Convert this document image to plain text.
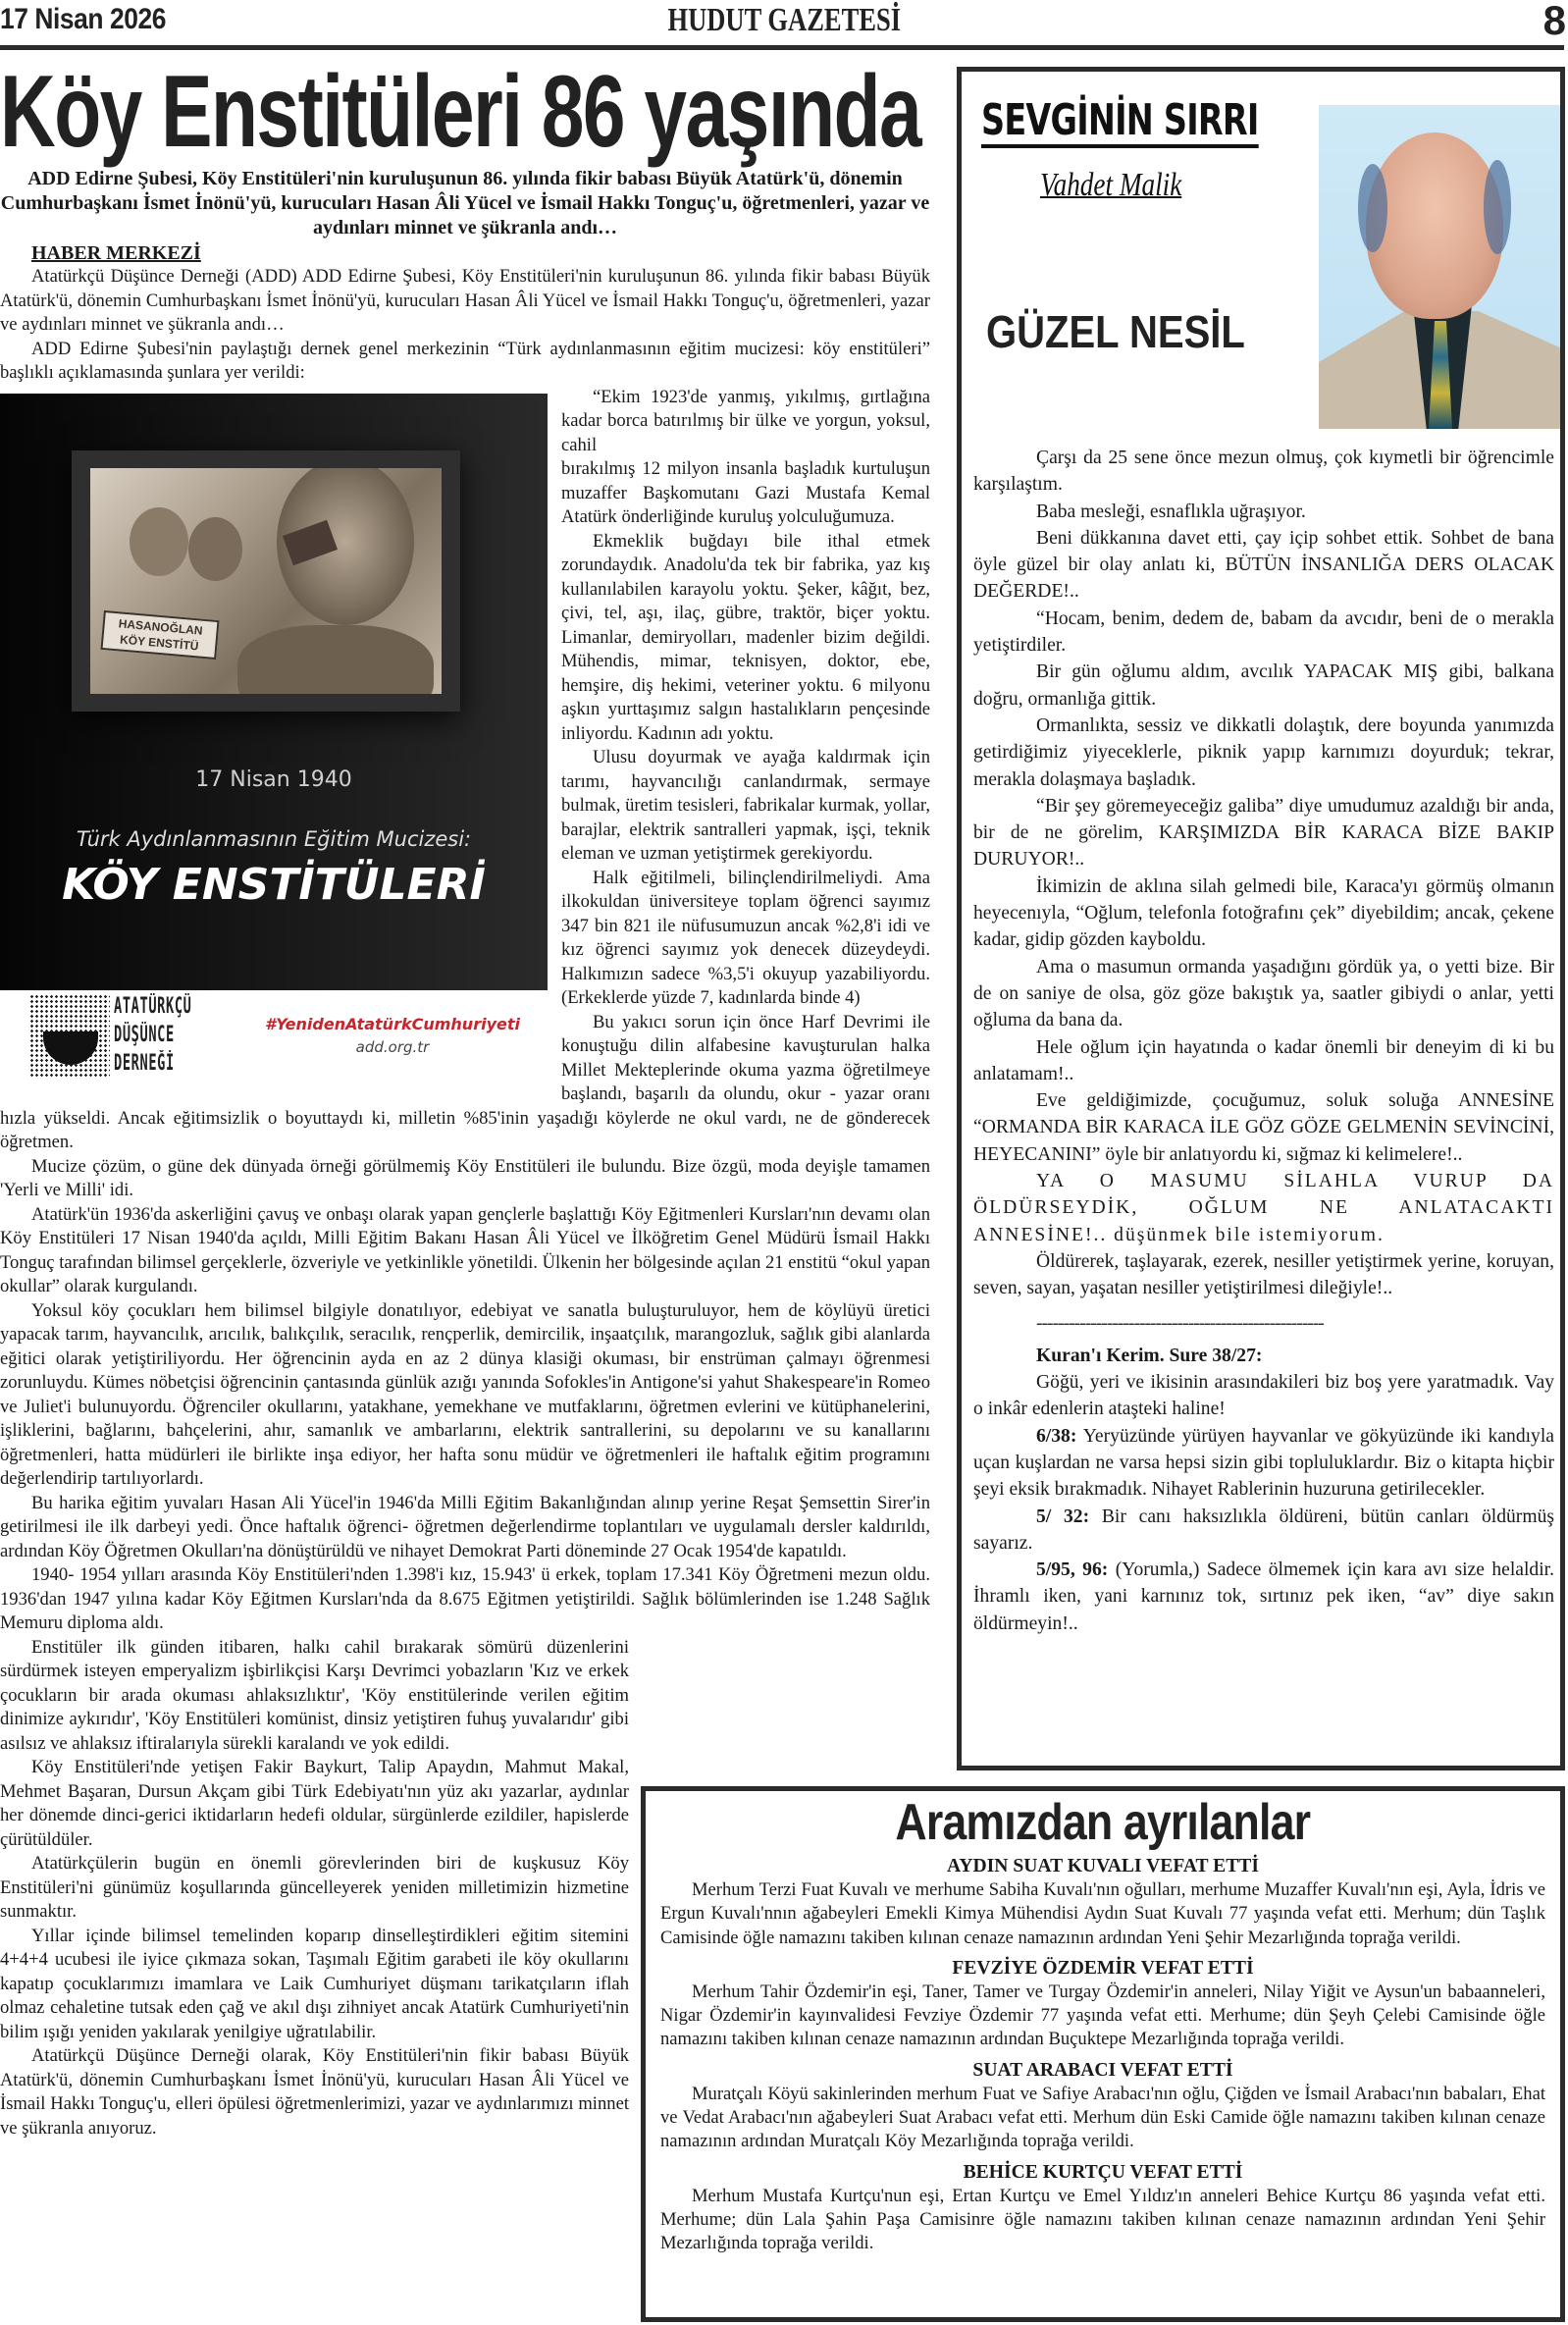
17 Nisan 2026	HUDUT GAZETESİ	8
Köy Enstitüleri 86 yaşında
ADD Edirne Şubesi, Köy Enstitüleri'nin kuruluşunun 86. yılında fikir babası Büyük Atatürk'ü, dönemin Cumhurbaşkanı İsmet İnönü'yü, kurucuları Hasan Âli Yücel ve İsmail Hakkı Tonguç'u, öğretmenleri, yazar ve aydınları minnet ve şükranla andı…
HABER MERKEZİ

Atatürkçü Düşünce Derneği (ADD) ADD Edirne Şubesi, Köy Enstitüleri'nin kuruluşunun 86. yılında fikir babası Büyük Atatürk'ü, dönemin Cumhurbaşkanı İsmet İnönü'yü, kurucuları Hasan Âli Yücel ve İsmail Hakkı Tonguç'u, öğretmenleri, yazar ve aydınları minnet ve şükranla andı…

ADD Edirne Şubesi'nin paylaştığı dernek genel merkezinin “Türk aydınlanmasının eğitim mucizesi: köy enstitüleri” başlıklı açıklamasında şunlara yer verildi:

HASANOĞLAN KÖY ENSTİTÜ
17 Nisan 1940
Türk Aydınlanmasının Eğitim Mucizesi:
KÖY ENSTİTÜLERİ
ATATÜRKÇÜ
DÜŞÜNCE
DERNEĞİ
#YenidenAtatürkCumhuriyeti
add.org.tr

“Ekim 1923'de yanmış, yıkılmış, gırtlağına kadar borca batırılmış bir ülke ve yorgun, yoksul, cahil

bırakılmış 12 milyon insanla başladık kurtuluşun muzaffer Başkomutanı Gazi Mustafa Kemal Atatürk önderliğinde kuruluş yolculuğumuza.

Ekmeklik buğdayı bile ithal etmek zorundaydık. Anadolu'da tek bir fabrika, yaz kış kullanılabilen karayolu yoktu. Şeker, kâğıt, bez, çivi, tel, aşı, ilaç, gübre, traktör, biçer yoktu. Limanlar, demiryolları, madenler bizim değildi. Mühendis, mimar, teknisyen, doktor, ebe, hemşire, diş hekimi, veteriner yoktu. 6 milyonu aşkın yurttaşımız salgın hastalıkların pençesinde inliyordu. Kadının adı yoktu.

Ulusu doyurmak ve ayağa kaldırmak için tarımı, hayvancılığı canlandırmak, sermaye bulmak, üretim tesisleri, fabrikalar kurmak, yollar, barajlar, elektrik santralleri yapmak, işçi, teknik eleman ve uzman yetiştirmek gerekiyordu.

Halk eğitilmeli, bilinçlendirilmeliydi. Ama ilkokuldan üniversiteye toplam öğrenci sayımız 347 bin 821 ile nüfusumuzun ancak %2,8'i idi ve kız öğrenci sayımız yok denecek düzeydeydi. Halkımızın sadece %3,5'i okuyup yazabiliyordu. (Erkeklerde yüzde 7, kadınlarda binde 4)

Bu yakıcı sorun için önce Harf Devrimi ile konuştuğu dilin alfabesine kavuşturulan halka Millet Mekteplerinde okuma yazma öğretilmeye başlandı, başarılı da olundu, okur - yazar oranı hızla yükseldi. Ancak eğitimsizlik o boyuttaydı ki, milletin %85'inin yaşadığı köylerde ne okul vardı, ne de gönderecek öğretmen.

Mucize çözüm, o güne dek dünyada örneği görülmemiş Köy Enstitüleri ile bulundu. Bize özgü, moda deyişle tamamen 'Yerli ve Milli' idi.

Atatürk'ün 1936'da askerliğini çavuş ve onbaşı olarak yapan gençlerle başlattığı Köy Eğitmenleri Kursları'nın devamı olan Köy Enstitüleri 17 Nisan 1940'da açıldı, Milli Eğitim Bakanı Hasan Âli Yücel ve İlköğretim Genel Müdürü İsmail Hakkı Tonguç tarafından bilimsel gerçeklerle, özveriyle ve yetkinlikle yönetildi. Ülkenin her bölgesinde açılan 21 enstitü “okul yapan okullar” olarak kurgulandı.

Yoksul köy çocukları hem bilimsel bilgiyle donatılıyor, edebiyat ve sanatla buluşturuluyor, hem de köylüyü üretici yapacak tarım, hayvancılık, arıcılık, balıkçılık, seracılık, rençperlik, demircilik, inşaatçılık, marangozluk, sağlık gibi alanlarda eğitici olarak yetiştiriliyordu. Her öğrencinin ayda en az 2 dünya klasiği okuması, bir enstrüman çalmayı öğrenmesi zorunluydu. Kümes nöbetçisi öğrencinin çantasında günlük azığı yanında Sofokles'in Antigone'si yahut Shakespeare'in Romeo ve Juliet'i bulunuyordu. Öğrenciler okullarını, yatakhane, yemekhane ve mutfaklarını, öğretmen evlerini ve kütüphanelerini, işliklerini, bağlarını, bahçelerini, ahır, samanlık ve ambarlarını, elektrik santrallerini, su depolarını ve su kanallarını öğretmenleri, hatta müdürleri ile birlikte inşa ediyor, her hafta sonu müdür ve öğretmenleri ile haftalık eğitim programını değerlendirip tartılıyorlardı.

Bu harika eğitim yuvaları Hasan Ali Yücel'in 1946'da Milli Eğitim Bakanlığından alınıp yerine Reşat Şemsettin Sirer'in getirilmesi ile ilk darbeyi yedi. Önce haftalık öğrenci- öğretmen değerlendirme toplantıları ve uygulamalı dersler kaldırıldı, ardından Köy Öğretmen Okulları'na dönüştürüldü ve nihayet Demokrat Parti döneminde 27 Ocak 1954'de kapatıldı.

1940- 1954 yılları arasında Köy Enstitüleri'nden 1.398'i kız, 15.943' ü erkek, toplam 17.341 Köy Öğretmeni mezun oldu. 1936'dan 1947 yılına kadar Köy Eğitmen Kursları'nda da 8.675 Eğitmen yetiştirildi. Sağlık bölümlerinden ise 1.248 Sağlık Memuru diploma aldı.

Enstitüler ilk günden itibaren, halkı cahil bırakarak sömürü düzenlerini sürdürmek isteyen emperyalizm işbirlikçisi Karşı Devrimci yobazların 'Kız ve erkek çocukların bir arada okuması ahlaksızlıktır', 'Köy enstitülerinde verilen eğitim dinimize aykırıdır', 'Köy Enstitüleri komünist, dinsiz yetiştiren fuhuş yuvalarıdır' gibi asılsız ve ahlaksız iftiralarıyla sürekli karalandı ve yok edildi.

Köy Enstitüleri'nde yetişen Fakir Baykurt, Talip Apaydın, Mahmut Makal, Mehmet Başaran, Dursun Akçam gibi Türk Edebiyatı'nın yüz akı yazarlar, aydınlar her dönemde dinci-gerici iktidarların hedefi oldular, sürgünlerde ezildiler, hapislerde çürütüldüler.

Atatürkçülerin bugün en önemli görevlerinden biri de kuşkusuz Köy Enstitüleri'ni günümüz koşullarında güncelleyerek yeniden milletimizin hizmetine sunmaktır.

Yıllar içinde bilimsel temelinden koparıp dinselleştirdikleri eğitim sitemini 4+4+4 ucubesi ile iyice çıkmaza sokan, Taşımalı Eğitim garabeti ile köy okullarını kapatıp çocuklarımızı imamlara ve Laik Cumhuriyet düşmanı tarikatçıların iflah olmaz cehaletine tutsak eden çağ ve akıl dışı zihniyet ancak Atatürk Cumhuriyeti'nin bilim ışığı yeniden yakılarak yenilgiye uğratılabilir.

Atatürkçü Düşünce Derneği olarak, Köy Enstitüleri'nin fikir babası Büyük Atatürk'ü, dönemin Cumhurbaşkanı İsmet İnönü'yü, kurucuları Hasan Âli Yücel ve İsmail Hakkı Tonguç'u, elleri öpülesi öğretmenlerimizi, yazar ve aydınlarımızı minnet ve şükranla anıyoruz.

SEVGİNİN SIRRI
Vahdet Malik
GÜZEL NESİL

Çarşı da 25 sene önce mezun olmuş, çok kıymetli bir öğrencimle karşılaştım.

Baba mesleği, esnaflıkla uğraşıyor.

Beni dükkanına davet etti, çay içip sohbet ettik. Sohbet de bana öyle güzel bir olay anlatı ki, BÜTÜN İNSANLIĞA DERS OLACAK DEĞERDE!..

“Hocam, benim, dedem de, babam da avcıdır, beni de o merakla yetiştirdiler.

Bir gün oğlumu aldım, avcılık YAPACAK MIŞ gibi, balkana doğru, ormanlığa gittik.

Ormanlıkta, sessiz ve dikkatli dolaştık, dere boyunda yanımızda getirdiğimiz yiyeceklerle, piknik yapıp karnımızı doyurduk; tekrar, merakla dolaşmaya başladık.

“Bir şey göremeyeceğiz galiba” diye umudumuz azaldığı bir anda, bir de ne görelim, KARŞIMIZDA BİR KARACA BİZE BAKIP DURUYOR!..

İkimizin de aklına silah gelmedi bile, Karaca'yı görmüş olmanın heyecenıyla, “Oğlum, telefonla fotoğrafını çek” diyebildim; ancak, çekene kadar, gidip gözden kayboldu.

Ama o masumun ormanda yaşadığını gördük ya, o yetti bize. Bir de on saniye de olsa, göz göze bakıştık ya, saatler gibiydi o anlar, yetti oğluma da bana da.

Hele oğlum için hayatında o kadar önemli bir deneyim di ki bu anlatamam!..

Eve geldiğimizde, çocuğumuz, soluk soluğa ANNESİNE “ORMANDA BİR KARACA İLE GÖZ GÖZE GELMENİN SEVİNCİNİ, HEYECANINI” öyle bir anlatıyordu ki, sığmaz ki kelimelere!..

YA O MASUMU SİLAHLA VURUP DA ÖLDÜRSEYDİK, OĞLUM NE ANLATACAKTI ANNESİNE!.. düşünmek bile istemiyorum.

Öldürerek, taşlayarak, ezerek, nesiller yetiştirmek yerine, koruyan, seven, sayan, yaşatan nesiller yetiştirilmesi dileğiyle!..

-----------------------------------------------------

Kuran'ı Kerim. Sure 38/27:

Göğü, yeri ve ikisinin arasındakileri biz boş yere yaratmadık. Vay o inkâr edenlerin ataşteki haline!

6/38: Yeryüzünde yürüyen hayvanlar ve gökyüzünde iki kandıyla uçan kuşlardan ne varsa hepsi sizin gibi topluluklardır. Biz o kitapta hiçbir şeyi eksik bırakmadık. Nihayet Rablerinin huzuruna getirilecekler.

5/ 32: Bir canı haksızlıkla öldüreni, bütün canları öldürmüş sayarız.

5/95, 96: (Yorumla,) Sadece ölmemek için kara avı size helaldir. İhramlı iken, yani karnınız tok, sırtınız pek iken, “av” diye sakın öldürmeyin!..

Aramızdan ayrılanlar
AYDIN SUAT KUVALI VEFAT ETTİ
Merhum Terzi Fuat Kuvalı ve merhume Sabiha Kuvalı'nın oğulları, merhume Muzaffer Kuvalı'nın eşi, Ayla, İdris ve Ergun Kuvalı'nnın ağabeyleri Emekli Kimya Mühendisi Aydın Suat Kuvalı 77 yaşında vefat etti. Merhum; dün Taşlık Camisinde öğle namazını takiben kılınan cenaze namazının ardından Yeni Şehir Mezarlığında toprağa verildi.
FEVZİYE ÖZDEMİR VEFAT ETTİ
Merhum Tahir Özdemir'in eşi, Taner, Tamer ve Turgay Özdemir'in anneleri, Nilay Yiğit ve Aysun'un babaanneleri, Nigar Özdemir'in kayınvalidesi Fevziye Özdemir 77 yaşında vefat etti. Merhume; dün Şeyh Çelebi Camisinde öğle namazını takiben kılınan cenaze namazının ardından Buçuktepe Mezarlığında toprağa verildi.
SUAT ARABACI VEFAT ETTİ
Muratçalı Köyü sakinlerinden merhum Fuat ve Safiye Arabacı'nın oğlu, Çiğden ve İsmail Arabacı'nın babaları, Ehat ve Vedat Arabacı'nın ağabeyleri Suat Arabacı vefat etti. Merhum dün Eski Camide öğle namazını takiben kılınan cenaze namazının ardından Muratçalı Köy Mezarlığında toprağa verildi.
BEHİCE KURTÇU VEFAT ETTİ
Merhum Mustafa Kurtçu'nun eşi, Ertan Kurtçu ve Emel Yıldız'ın anneleri Behice Kurtçu 86 yaşında vefat etti. Merhume; dün Lala Şahin Paşa Camisinre öğle namazını takiben kılınan cenaze namazının ardından Yeni Şehir Mezarlığında toprağa verildi.
